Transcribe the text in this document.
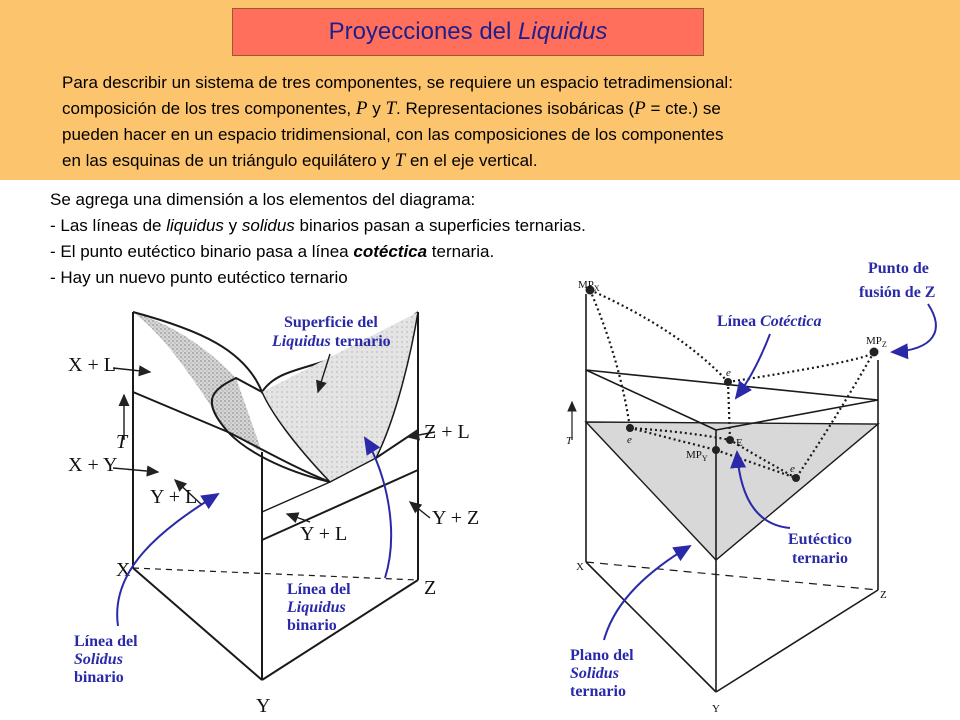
Proyecciones del
Liquidus

Para describir un sistema de tres componentes, se requiere un espacio tetradimensional:

composición de los tres componentes, P y T. Representaciones isobáricas (P = cte.) se

pueden hacer en un espacio tridimensional, con las composiciones de los componentes

en las esquinas de un triángulo equilátero y T en el eje vertical.

Se agrega una dimensión a los elementos del diagrama:

- Las líneas de liquidus y solidus binarios pasan a superficies ternarias.

- El punto eutéctico binario pasa a línea cotéctica ternaria.

- Hay un nuevo punto eutéctico ternario

X + L
X + Y
T
Y + L
Y + L
Z + L
Y + Z
X
Y
Z
Superficie del
Liquidus ternario
Línea del
Liquidus
binario
Línea del
Solidus
binario
$MP_X$
$MP_Z$
$MP_Y$
e
e
e
E
T
X
Y
Z
Línea Cotéctica
Punto de
fusión de Z
Eutéctico
ternario
Plano del
Solidus
ternario
